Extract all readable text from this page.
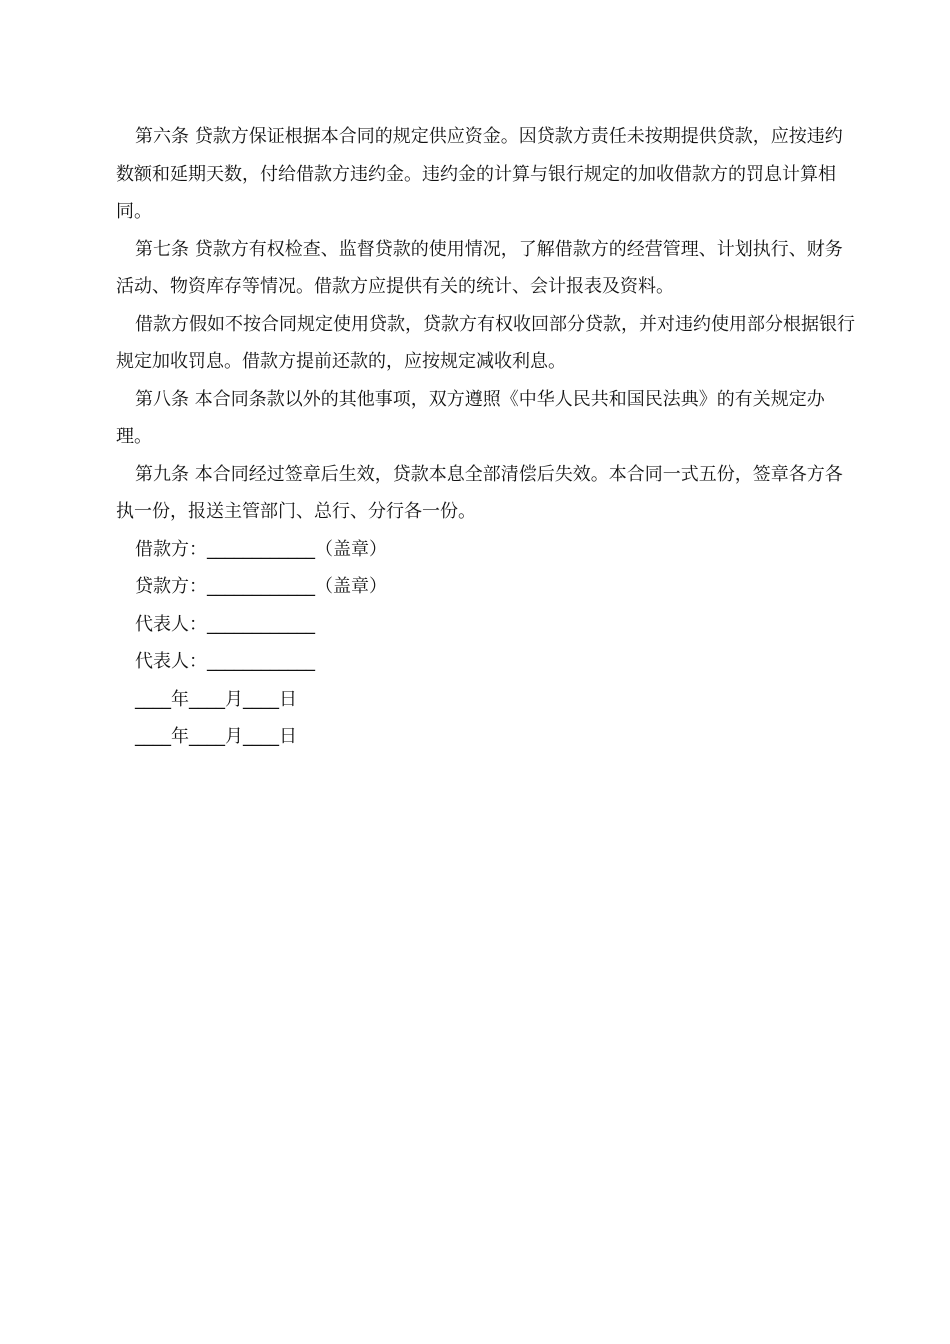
第六条 贷款方保证根据本合同的规定供应资金。因贷款方责任未按期提供贷款，应按违约数额和延期天数，付给借款方违约金。违约金的计算与银行规定的加收借款方的罚息计算相同。

第七条 贷款方有权检查、监督贷款的使用情况，了解借款方的经营管理、计划执行、财务活动、物资库存等情况。借款方应提供有关的统计、会计报表及资料。

借款方假如不按合同规定使用贷款，贷款方有权收回部分贷款，并对违约使用部分根据银行规定加收罚息。借款方提前还款的，应按规定减收利息。

第八条 本合同条款以外的其他事项，双方遵照《中华人民共和国民法典》的有关规定办理。

第九条 本合同经过签章后生效，贷款本息全部清偿后失效。本合同一式五份，签章各方各执一份，报送主管部门、总行、分行各一份。

借款方：____________（盖章）

贷款方：____________（盖章）

代表人：____________

代表人：____________

____年____月____日

____年____月____日
